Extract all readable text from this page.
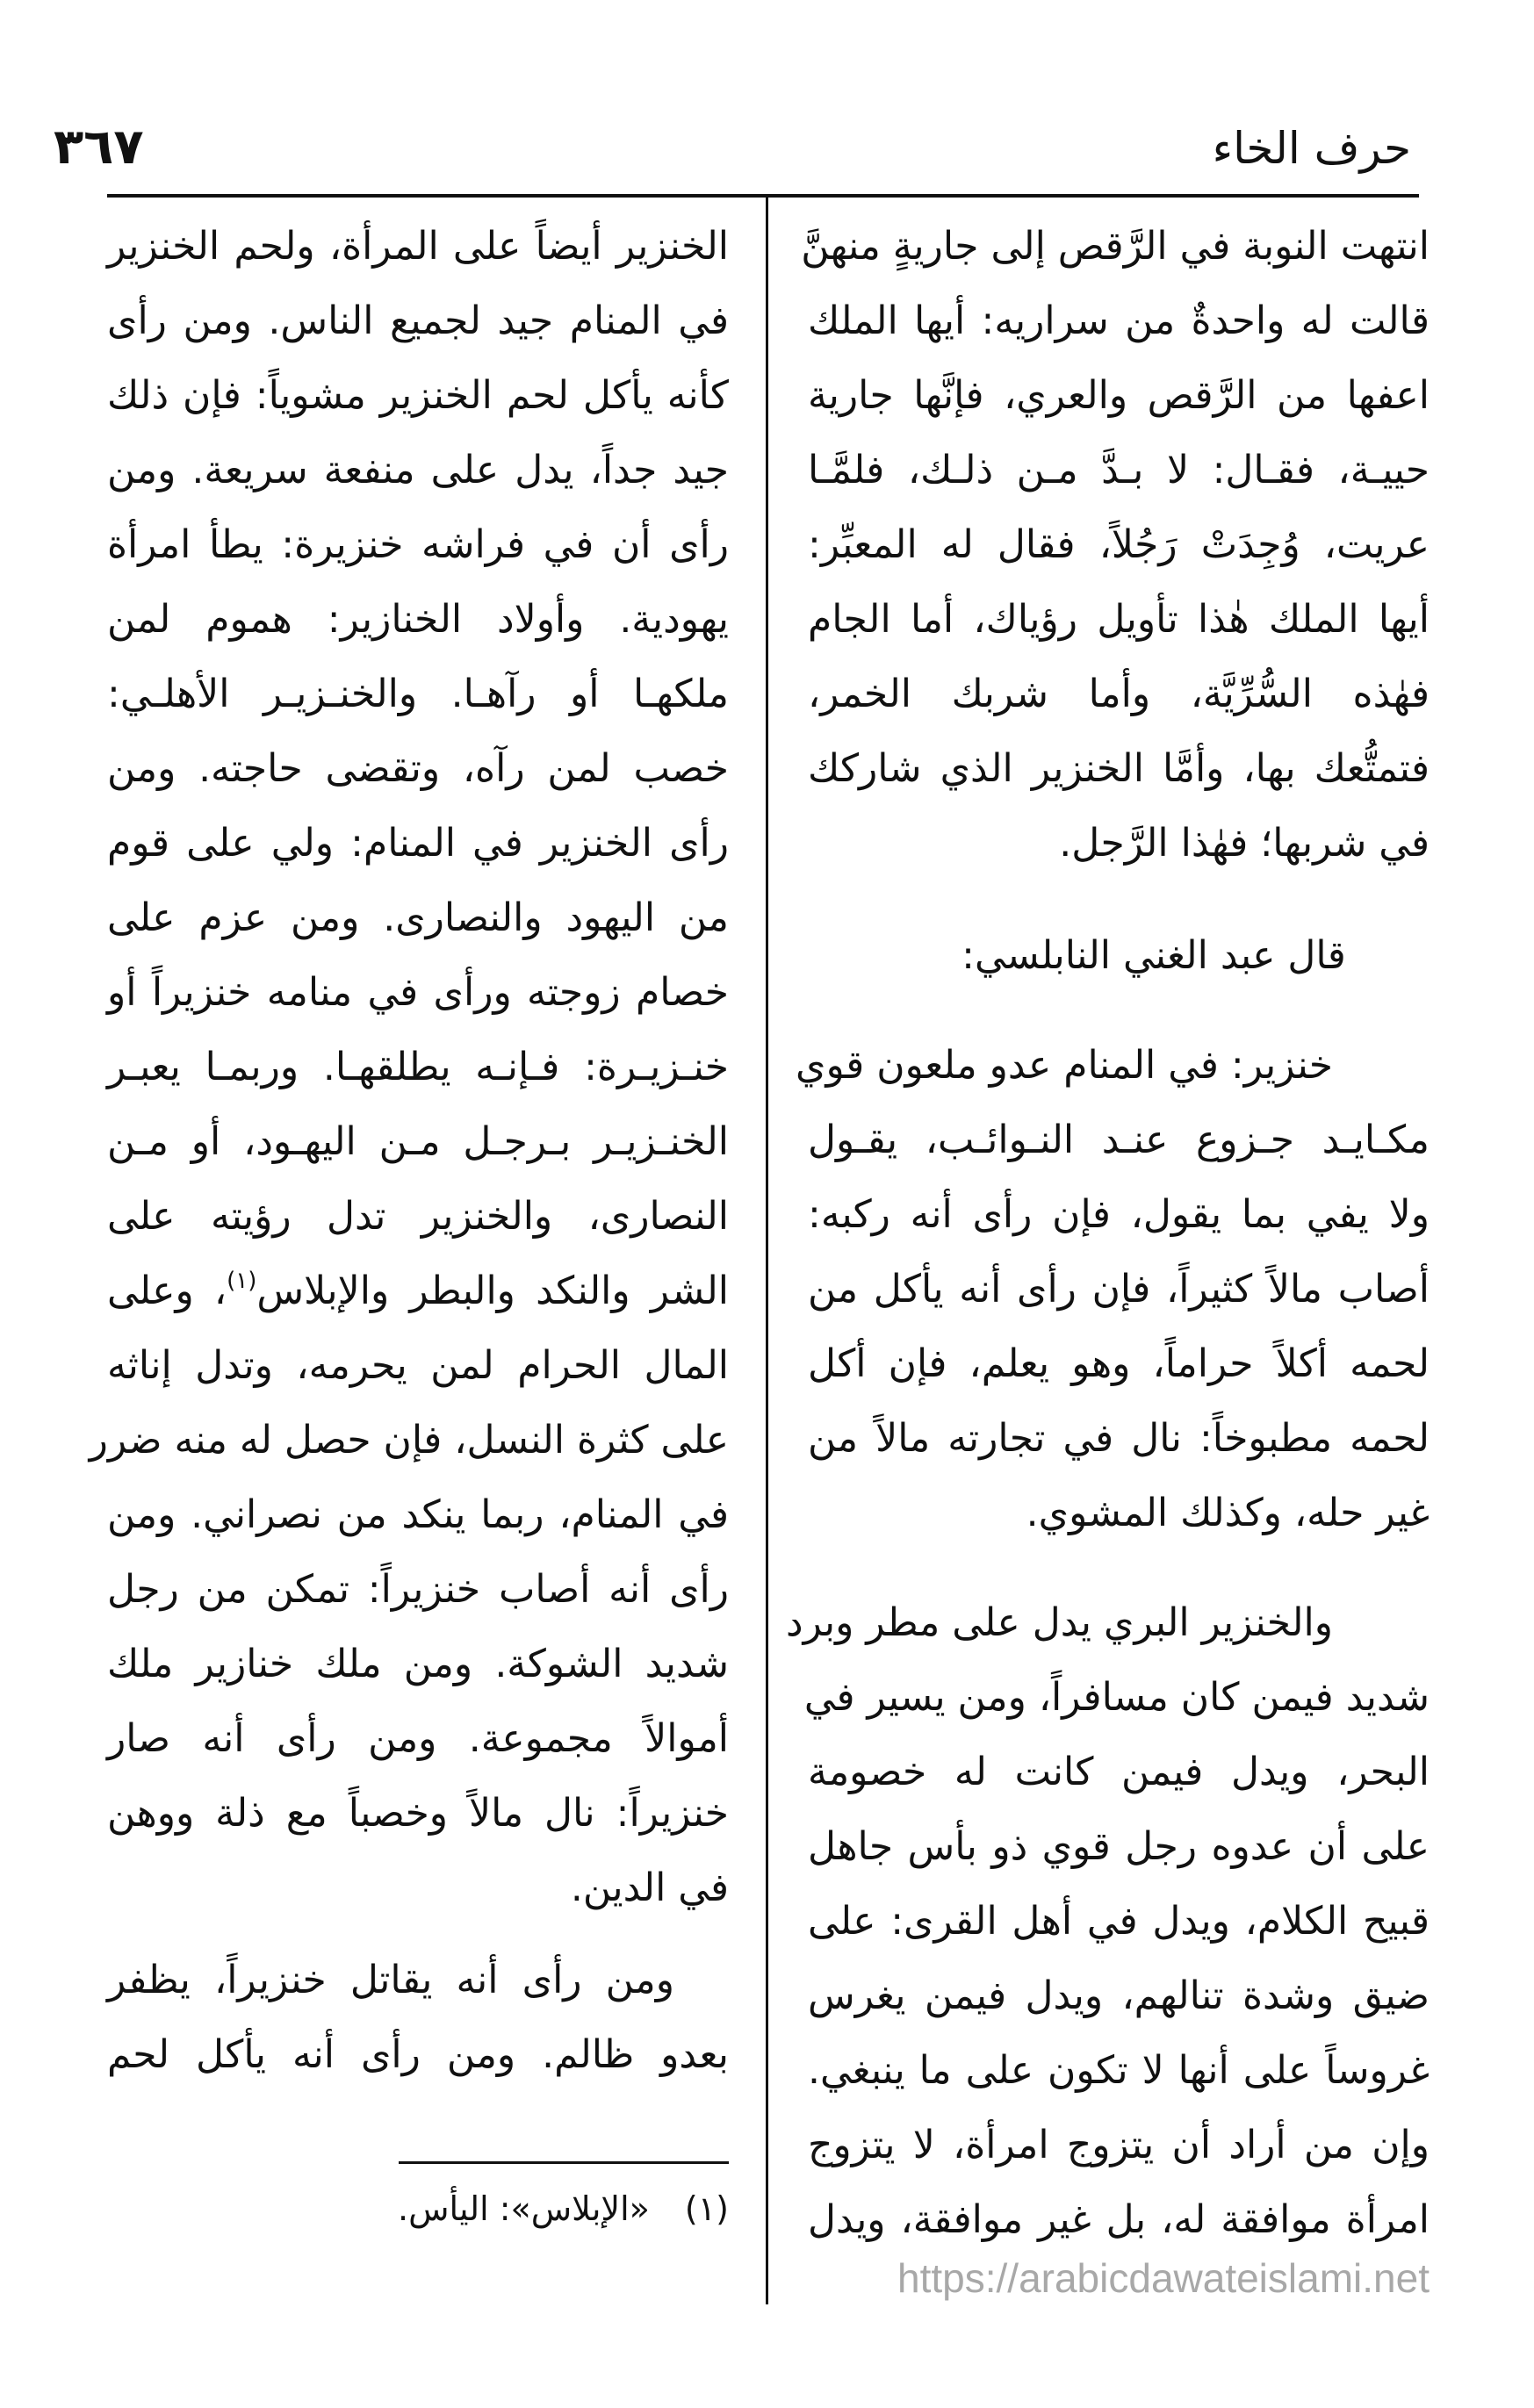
حرف الخاء
٣٦٧
انتهت النوبة في الرَّقص إلى جاريةٍ منهنَّ
قالت له واحدةٌ من سراريه: أيها الملك
اعفها من الرَّقص والعري، فإنَّها جارية
حييـة، فقـال: لا بـدَّ مـن ذلـك، فلمَّـا
عريت، وُجِدَتْ رَجُلاً، فقال له المعبِّر:
أيها الملك هٰذا تأويل رؤياك، أما الجام
فهٰذه السُّرِّيَّة، وأما شربك الخمر،
فتمتُّعك بها، وأمَّا الخنزير الذي شاركك
في شربها؛ فهٰذا الرَّجل.
قال عبد الغني النابلسي:
خنزير: في المنام عدو ملعون قوي
مكـايـد جـزوع عنـد النـوائـب، يقـول
ولا يفي بما يقول، فإن رأى أنه ركبه:
أصاب مالاً كثيراً، فإن رأى أنه يأكل من
لحمه أكلاً حراماً، وهو يعلم، فإن أكل
لحمه مطبوخاً: نال في تجارته مالاً من
غير حله، وكذلك المشوي.
والخنزير البري يدل على مطر وبرد
شديد فيمن كان مسافراً، ومن يسير في
البحر، ويدل فيمن كانت له خصومة
على أن عدوه رجل قوي ذو بأس جاهل
قبيح الكلام، ويدل في أهل القرى: على
ضيق وشدة تنالهم، ويدل فيمن يغرس
غروساً على أنها لا تكون على ما ينبغي.
وإن من أراد أن يتزوج امرأة، لا يتزوج
امرأة موافقة له، بل غير موافقة، ويدل
الخنزير أيضاً على المرأة، ولحم الخنزير
في المنام جيد لجميع الناس. ومن رأى
كأنه يأكل لحم الخنزير مشوياً: فإن ذلك
جيد جداً، يدل على منفعة سريعة. ومن
رأى أن في فراشه خنزيرة: يطأ امرأة
يهودية. وأولاد الخنازير: هموم لمن
ملكهـا أو رآهـا. والخنـزيـر الأهلـي:
خصب لمن رآه، وتقضى حاجته. ومن
رأى الخنزير في المنام: ولي على قوم
من اليهود والنصارى. ومن عزم على
خصام زوجته ورأى في منامه خنزيراً أو
خنـزيـرة: فـإنـه يطلقهـا. وربمـا يعبـر
الخنـزيـر بـرجـل مـن اليهـود، أو مـن
النصارى، والخنزير تدل رؤيته على
الشر والنكد والبطر والإبلاس$^{(١)}$، وعلى
المال الحرام لمن يحرمه، وتدل إناثه
على كثرة النسل، فإن حصل له منه ضرر
في المنام، ربما ينكد من نصراني. ومن
رأى أنه أصاب خنزيراً: تمكن من رجل
شديد الشوكة. ومن ملك خنازير ملك
أموالاً مجموعة. ومن رأى أنه صار
خنزيراً: نال مالاً وخصباً مع ذلة ووهن
في الدين.
ومن رأى أنه يقاتل خنزيراً، يظفر
بعدو ظالم. ومن رأى أنه يأكل لحم
(١)«الإبلاس»: اليأس.
https://arabicdawateislami.net
